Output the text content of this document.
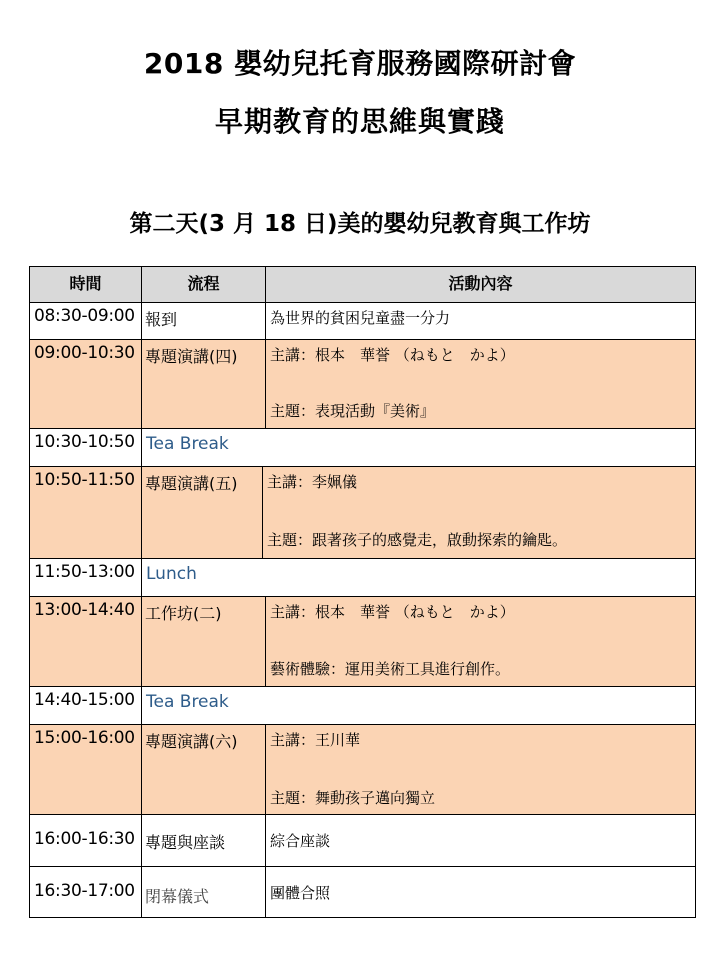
2018 嬰幼兒托育服務國際研討會
早期教育的思維與實踐
第二天(3 月 18 日)美的嬰幼兒教育與工作坊
時間	流程	活動內容
08:30-09:00 報到	為世界的貧困兒童盡一分力
09:00-10:30 專題演講(四)	主講：根本　華誉 （ねもと　かよ）
主題：表現活動『美術』
10:30-10:50 Tea Break
10:50-11:50 專題演講(五)	主講：李姵儀
主題：跟著孩子的感覺走，啟動探索的鑰匙。
11:50-13:00 Lunch
13:00-14:40 工作坊(二)	主講：根本　華誉 （ねもと　かよ）
藝術體驗：運用美術工具進行創作。
14:40-15:00 Tea Break
15:00-16:00 專題演講(六)	主講：王川華
主題：舞動孩子邁向獨立
16:00-16:30 專題與座談	綜合座談
16:30-17:00 閉幕儀式	團體合照
